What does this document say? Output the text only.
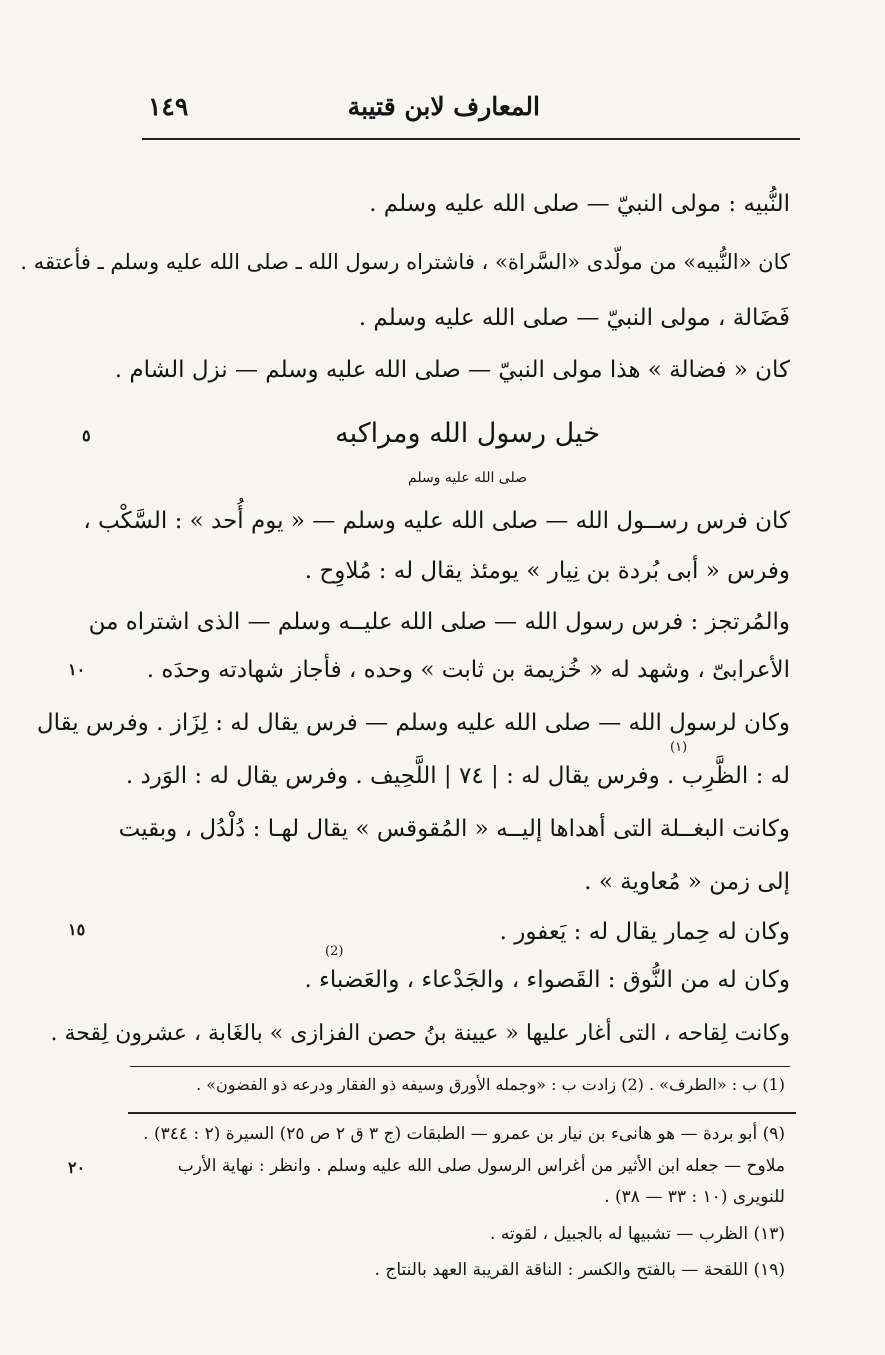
المعارف لابن قتيبة
١٤٩
النُّبيه : مولى النبيّ — صلى الله عليه وسلم .
كان «النُّبيه» من مولّدى «السَّراة» ، فاشتراه رسول الله ـ صلى الله عليه وسلم ـ فأعتقه .
فَضَالة ، مولى النبيّ — صلى الله عليه وسلم .
كان « فضالة » هذا مولى النبيّ — صلى الله عليه وسلم — نزل الشام .
خيل رسول الله ومراكبه
صلى الله عليه وسلم
كان فرس رســول الله — صلى الله عليه وسلم — « يوم أُحد » : السَّكْب ،
وفرس « أبى بُردة بن نِيار » يومئذ يقال له : مُلاوِح .
والمُرتجز : فرس رسول الله — صلى الله عليــه وسلم — الذى اشتراه من
الأعرابىّ ، وشهد له « خُزيمة بن ثابت » وحده ، فأجاز شهادته وحدَه .
وكان لرسول الله — صلى الله عليه وسلم — فرس يقال له : لِزَاز . وفرس يقال
(١)
له : الظَّرِب . وفرس يقال له : | ٧٤ | اللَّحِيف . وفرس يقال له : الوَرد .
وكانت البغــلة التى أهداها إليــه « المُقوقس » يقال لهـا : دُلْدُل ، وبقيت
إلى زمن « مُعاوية » .
وكان له حِمار يقال له : يَعفور .
(2)
وكان له من النُّوق : القَصواء ، والجَدْعاء ، والعَضباء .
وكانت لِقاحه ، التى أغار عليها « عيينة بنُ حصن الفزازى » بالغَابة ، عشرون لِقحة .
٥
١٠
١٥
٢٠
(1) ب : «الطرف» . (2) زادت ب : «وجمله الأورق وسيفه ذو الفقار ودرعه ذو الفضون» .
(٩) أبو بردة — هو هانىء بن نيار بن عمرو — الطبقات (ج ٣ ق ٢ ص ٢٥) السيرة (٢ : ٣٤٤) .
ملاوح — جعله ابن الأثير من أغراس الرسول صلى الله عليه وسلم . وانظر : نهاية الأرب
للنويرى (١٠ : ٣٣ — ٣٨) .
(١٣) الظرب — تشبيها له بالجبيل ، لقوته .
(١٩) اللقحة — بالفتح والكسر : الناقة القريبة العهد بالنتاج .
